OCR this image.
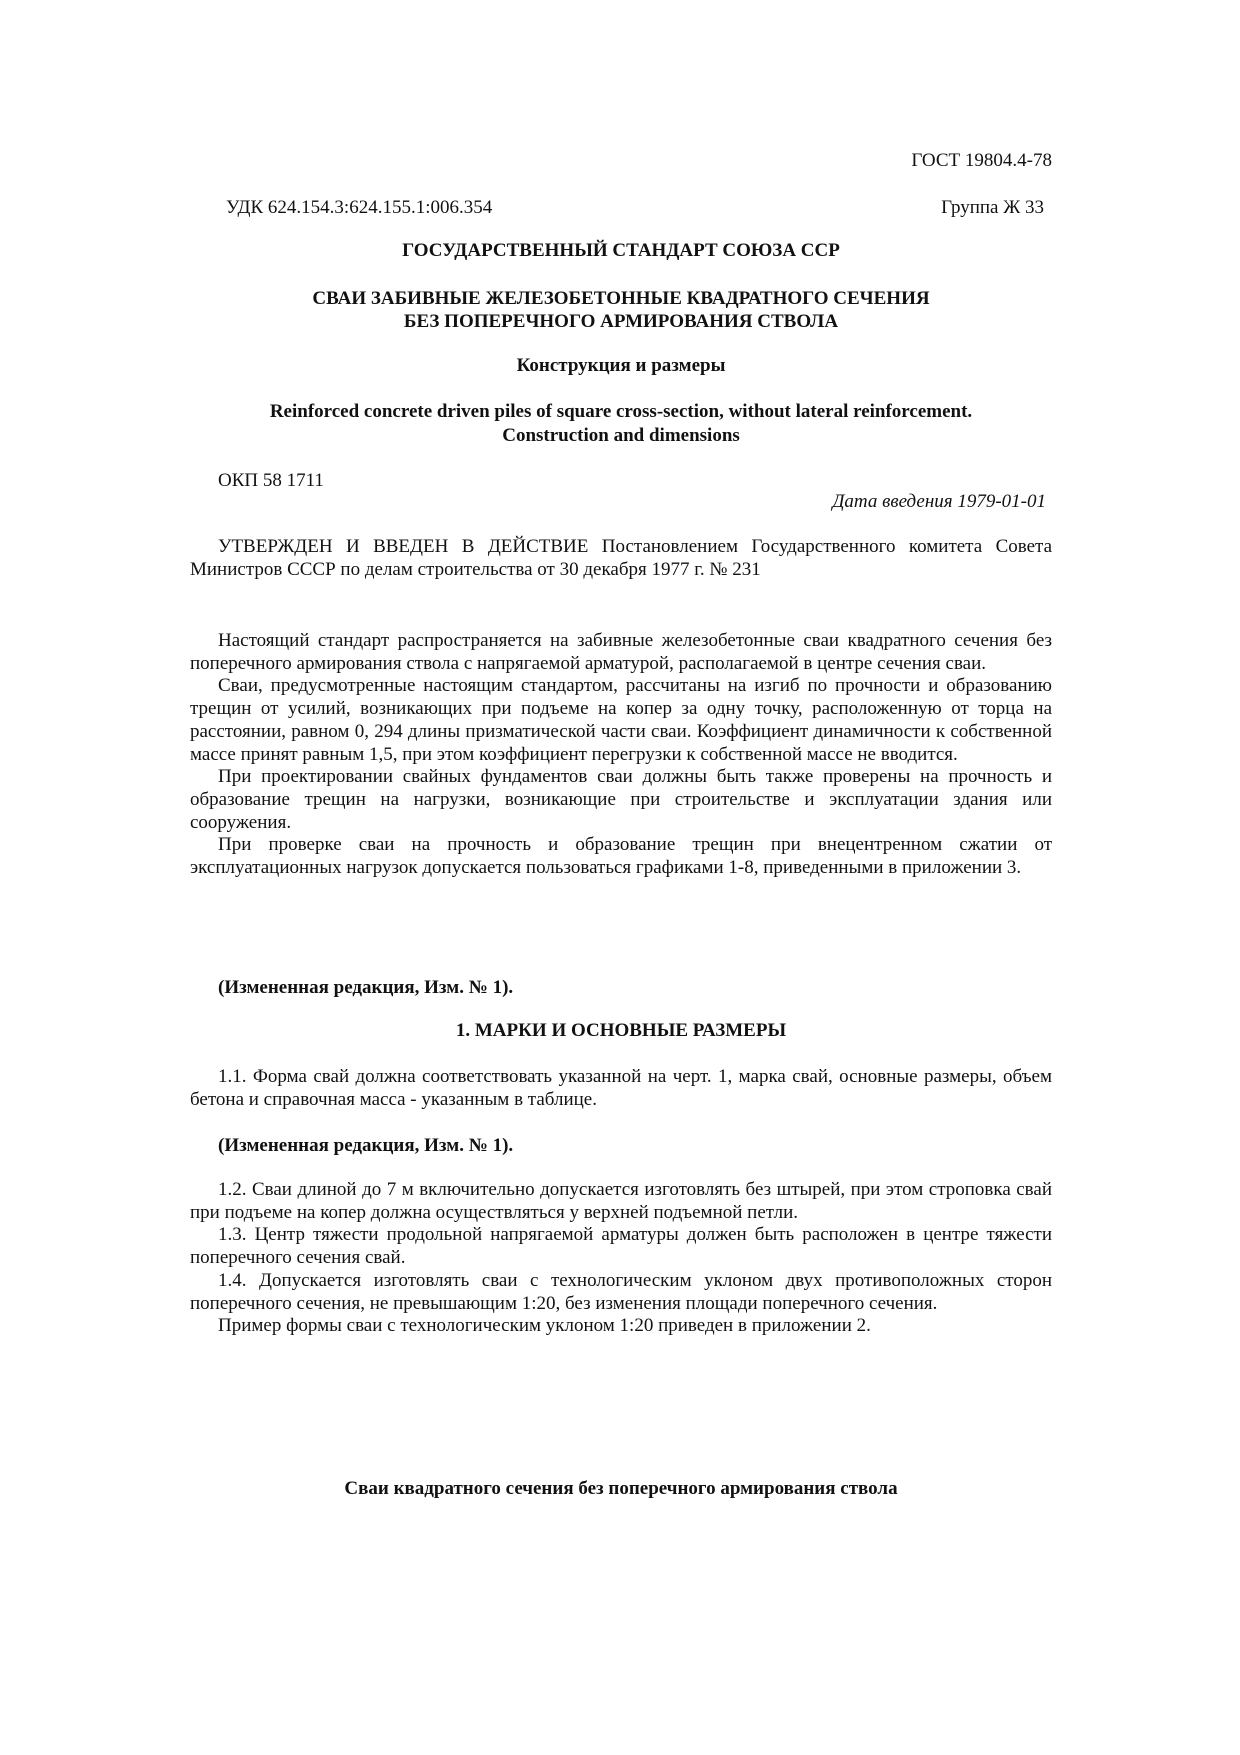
ГОСТ 19804.4-78
УДК 624.154.3:624.155.1:006.354	Группа Ж 33
ГОСУДАРСТВЕННЫЙ СТАНДАРТ СОЮЗА ССР
СВАИ ЗАБИВНЫЕ ЖЕЛЕЗОБЕТОННЫЕ КВАДРАТНОГО СЕЧЕНИЯ
БЕЗ ПОПЕРЕЧНОГО АРМИРОВАНИЯ СТВОЛА
Конструкция и размеры
Reinforced concrete driven piles of square cross-section, without lateral reinforcement.
Construction and dimensions
ОКП 58 1711
Дата введения 1979-01-01

УТВЕРЖДЕН И ВВЕДЕН В ДЕЙСТВИЕ Постановлением Государственного комитета Совета Министров СССР по делам строительства от 30 декабря 1977 г. № 231

Настоящий стандарт распространяется на забивные железобетонные сваи квадратного сечения без поперечного армирования ствола с напрягаемой арматурой, располагаемой в центре сечения сваи.

Сваи, предусмотренные настоящим стандартом, рассчитаны на изгиб по прочности и образованию трещин от усилий, возникающих при подъеме на копер за одну точку, расположенную от торца на расстоянии, равном 0, 294 длины призматической части сваи. Коэффициент динамичности к собственной массе принят равным 1,5, при этом коэффициент перегрузки к собственной массе не вводится.

При проектировании свайных фундаментов сваи должны быть также проверены на прочность и образование трещин на нагрузки, возникающие при строительстве и эксплуатации здания или сооружения.

При проверке сваи на прочность и образование трещин при внецентренном сжатии от эксплуатационных нагрузок допускается пользоваться графиками 1-8, приведенными в приложении 3.

(Измененная редакция, Изм. № 1).
1. МАРКИ И ОСНОВНЫЕ РАЗМЕРЫ

1.1. Форма свай должна соответствовать указанной на черт. 1, марка свай, основные размеры, объем бетона и справочная масса - указанным в таблице.

(Измененная редакция, Изм. № 1).

1.2. Сваи длиной до 7 м включительно допускается изготовлять без штырей, при этом строповка свай при подъеме на копер должна осуществляться у верхней подъемной петли.

1.3. Центр тяжести продольной напрягаемой арматуры должен быть расположен в центре тяжести поперечного сечения свай.

1.4. Допускается изготовлять сваи с технологическим уклоном двух противоположных сторон поперечного сечения, не превышающим 1:20, без изменения площади поперечного сечения.

Пример формы сваи с технологическим уклоном 1:20 приведен в приложении 2.

Сваи квадратного сечения без поперечного армирования ствола
